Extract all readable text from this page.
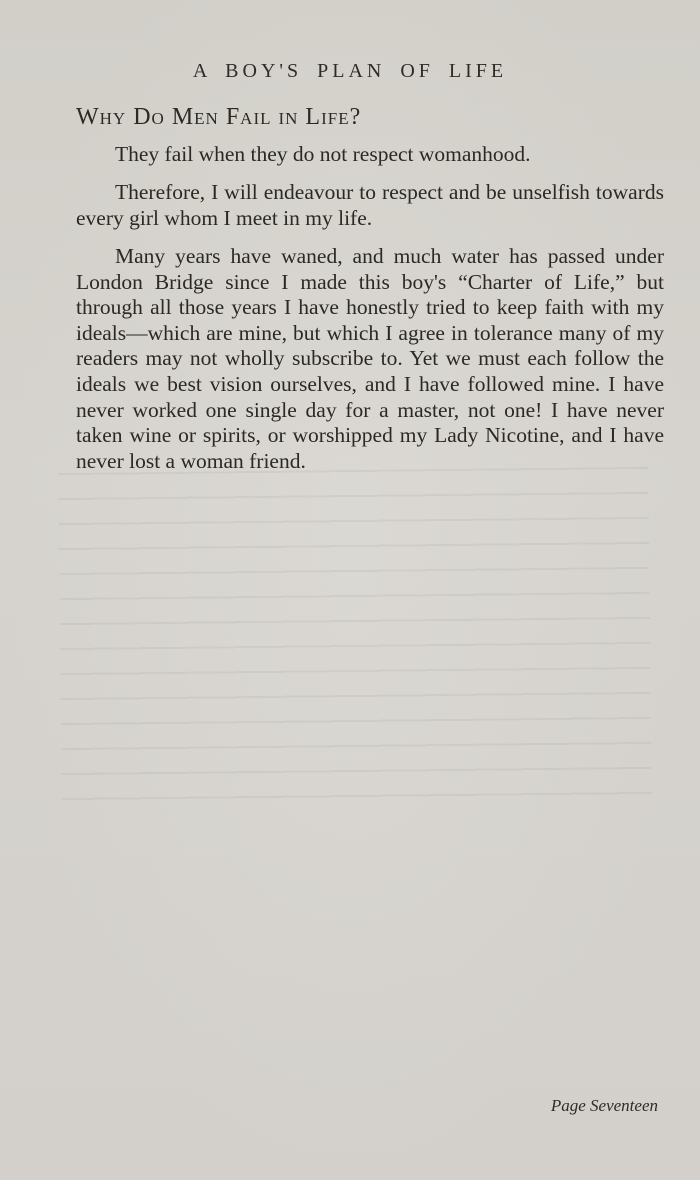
A BOY'S PLAN OF LIFE
Why Do Men Fail in Life?

They fail when they do not respect womanhood.

Therefore, I will endeavour to respect and be unselfish towards every girl whom I meet in my life.

Many years have waned, and much water has passed under London Bridge since I made this boy's “Charter of Life,” but through all those years I have honestly tried to keep faith with my ideals—which are mine, but which I agree in tolerance many of my readers may not wholly subscribe to. Yet we must each follow the ideals we best vision ourselves, and I have followed mine. I have never worked one single day for a master, not one! I have never taken wine or spirits, or worshipped my Lady Nicotine, and I have never lost a woman friend.

Page Seventeen
